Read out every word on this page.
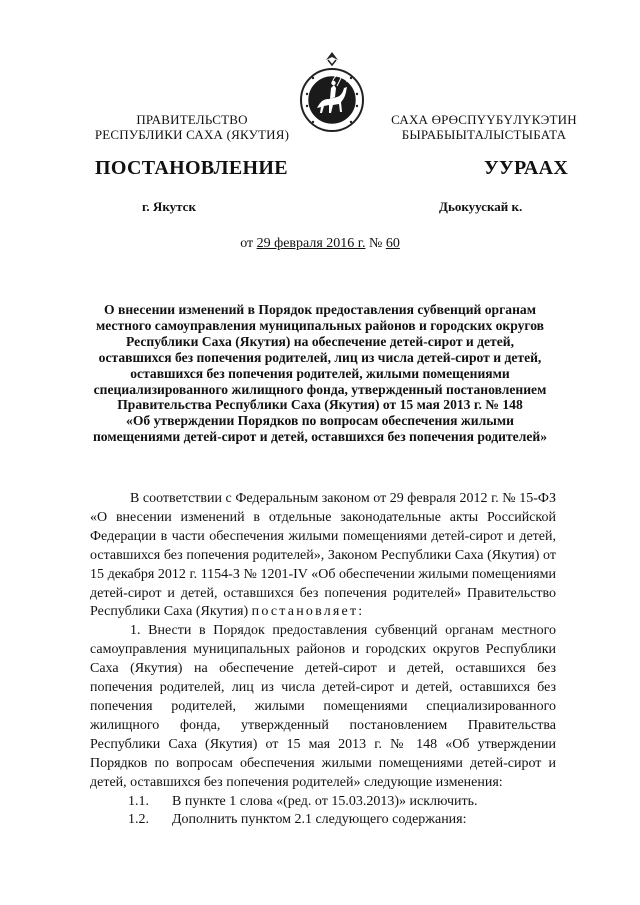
ПРАВИТЕЛЬСТВО
РЕСПУБЛИКИ САХА (ЯКУТИЯ)
САХА ӨРӨСПҮҮБҮЛҮКЭТИН
БЫРАБЫЫТАЛЫСТЫБАТА
ПОСТАНОВЛЕНИЕ	УУРААХ
г. Якутск	Дьокуускай к.
от 29 февраля 2016 г. № 60
О внесении изменений в Порядок предоставления субвенций органам
местного самоуправления муниципальных районов и городских округов
Республики Саха (Якутия) на обеспечение детей-сирот и детей,
оставшихся без попечения родителей, лиц из числа детей-сирот и детей,
оставшихся без попечения родителей, жилыми помещениями
специализированного жилищного фонда, утвержденный постановлением
Правительства Республики Саха (Якутия) от 15 мая 2013 г. № 148
«Об утверждении Порядков по вопросам обеспечения жилыми
помещениями детей-сирот и детей, оставшихся без попечения родителей»

В соответствии с Федеральным законом от 29 февраля 2012 г. № 15-ФЗ «О внесении изменений в отдельные законодательные акты Российской Федерации в части обеспечения жилыми помещениями детей-сирот и детей, оставшихся без попечения родителей», Законом Республики Саха (Якутия) от 15 декабря 2012 г. 1154-З № 1201-IV «Об обеспечении жилыми помещениями детей-сирот и детей, оставшихся без попечения родителей» Правительство Республики Саха (Якутия) постановляет:

1. Внести в Порядок предоставления субвенций органам местного самоуправления муниципальных районов и городских округов Республики Саха (Якутия) на обеспечение детей-сирот и детей, оставшихся без попечения родителей, лиц из числа детей-сирот и детей, оставшихся без попечения родителей, жилыми помещениями специализированного жилищного фонда, утвержденный постановлением Правительства Республики Саха (Якутия) от 15 мая 2013 г. № 148 «Об утверждении Порядков по вопросам обеспечения жилыми помещениями детей-сирот и детей, оставшихся без попечения родителей» следующие изменения:

1.1. В пункте 1 слова «(ред. от 15.03.2013)» исключить.

1.2. Дополнить пунктом 2.1 следующего содержания:
